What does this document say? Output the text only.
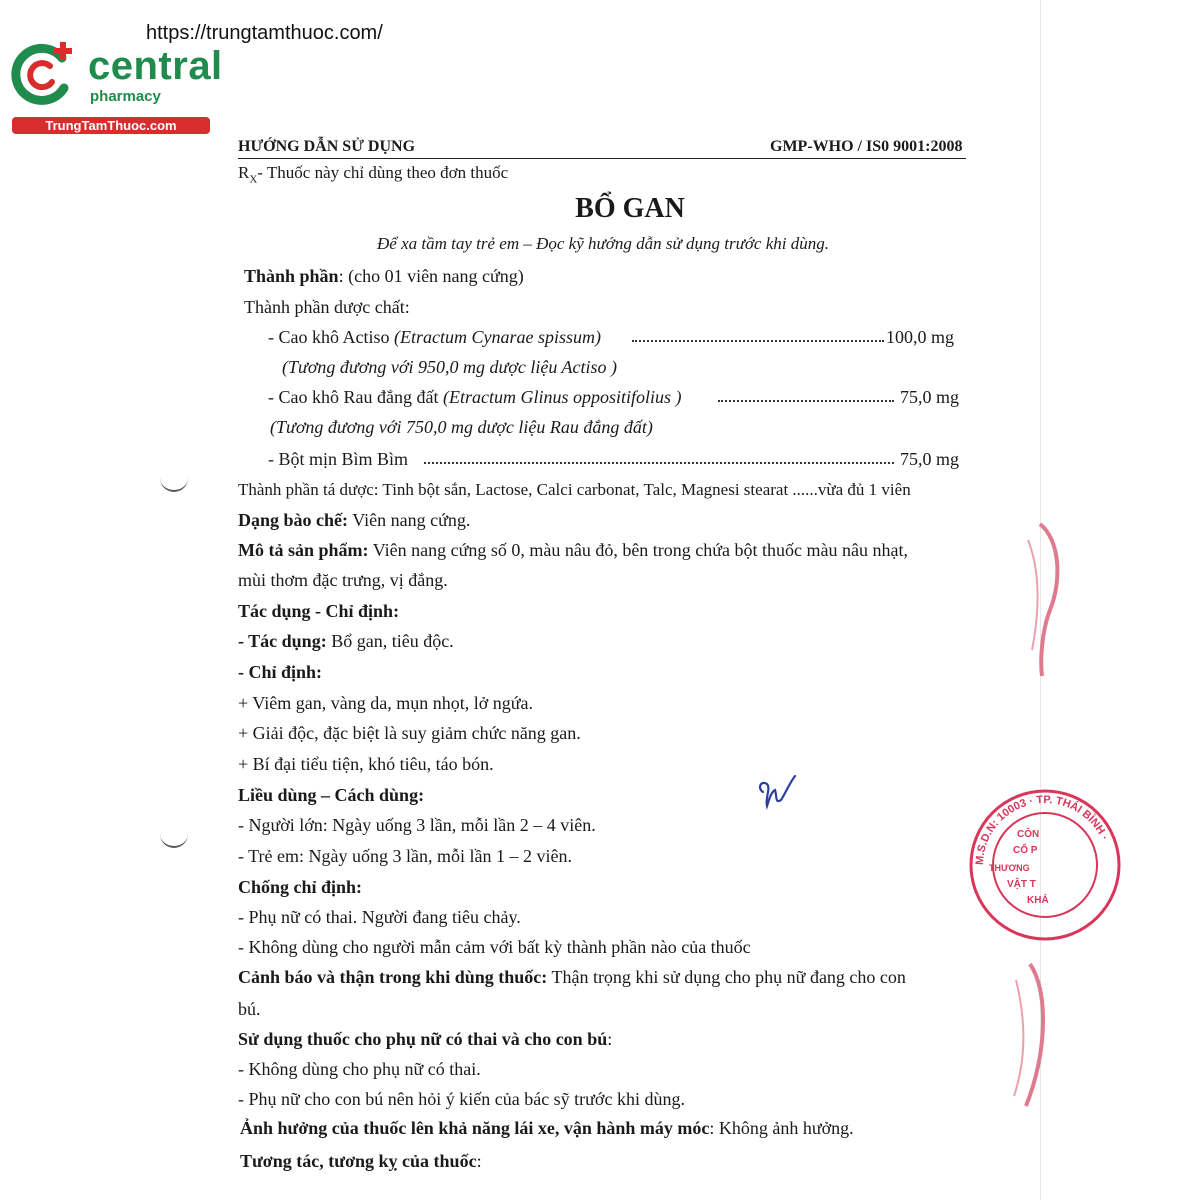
https://trungtamthuoc.com/
central
pharmacy
TrungTamThuoc.com
HƯỚNG DẪN SỬ DỤNG	GMP-WHO / IS0 9001:2008
$R_X-$ Thuốc này chỉ dùng theo đơn thuốc
BỔ GAN
Để xa tầm tay trẻ em – Đọc kỹ hướng dẫn sử dụng trước khi dùng.
Thành phần: (cho 01 viên nang cứng)
Thành phần dược chất:
- Cao khô Actiso (Etractum Cynarae spissum)	100,0 mg
(Tương đương với 950,0 mg dược liệu Actiso )
- Cao khô Rau đắng đất (Etractum Glinus oppositifolius )	75,0 mg
(Tương đương với 750,0 mg dược liệu Rau đắng đất)
- Bột mịn Bìm Bìm	75,0 mg
Thành phần tá dược: Tinh bột sắn, Lactose, Calci carbonat, Talc, Magnesi stearat ......vừa đủ 1 viên
Dạng bào chế: Viên nang cứng.
Mô tả sản phẩm: Viên nang cứng số 0, màu nâu đỏ, bên trong chứa bột thuốc màu nâu nhạt,
mùi thơm đặc trưng, vị đắng.
Tác dụng - Chỉ định:
- Tác dụng: Bổ gan, tiêu độc.
- Chỉ định:
+ Viêm gan, vàng da, mụn nhọt, lở ngứa.
+ Giải độc, đặc biệt là suy giảm chức năng gan.
+ Bí đại tiểu tiện, khó tiêu, táo bón.
Liều dùng – Cách dùng:
- Người lớn: Ngày uống 3 lần, mỗi lần 2 – 4 viên.
- Trẻ em: Ngày uống 3 lần, mỗi lần 1 – 2 viên.
Chống chỉ định:
- Phụ nữ có thai. Người đang tiêu chảy.
- Không dùng cho người mẫn cảm với bất kỳ thành phần nào của thuốc
Cảnh báo và thận trong khi dùng thuốc: Thận trọng khi sử dụng cho phụ nữ đang cho con
bú.
Sử dụng thuốc cho phụ nữ có thai và cho con bú:
- Không dùng cho phụ nữ có thai.
- Phụ nữ cho con bú nên hỏi ý kiến của bác sỹ trước khi dùng.
Ảnh hưởng của thuốc lên khả năng lái xe, vận hành máy móc: Không ảnh hưởng.
Tương tác, tương kỵ của thuốc:
M.S.D.N: 10003 · TP. THÁI BÌNH ·
CÔN
CỔ P
THƯƠNG
VẬT T
KHẢ
